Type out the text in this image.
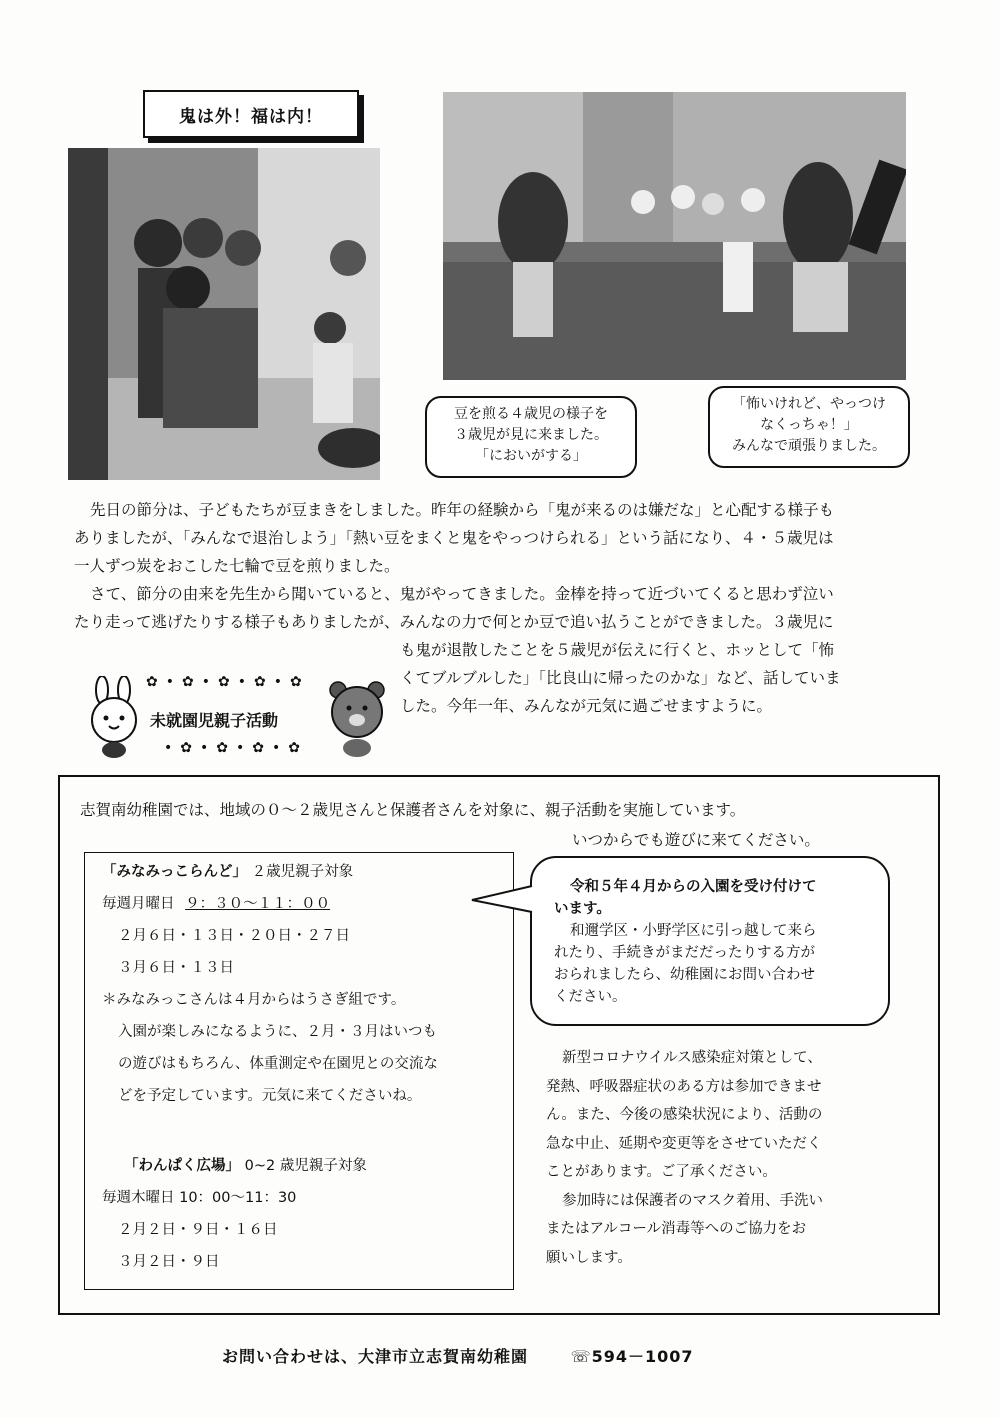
鬼は外！福は内！
豆を煎る４歳児の様子を
３歳児が見に来ました。
「においがする」
「怖いけれど、やっつけ
なくっちゃ！」
みんなで頑張りました。
先日の節分は、子どもたちが豆まきをしました。昨年の経験から「鬼が来るのは嫌だな」と心配する様子も
ありましたが、「みんなで退治しよう」「熱い豆をまくと鬼をやっつけられる」という話になり、４・５歳児は
一人ずつ炭をおこした七輪で豆を煎りました。
さて、節分の由来を先生から聞いていると、鬼がやってきました。金棒を持って近づいてくると思わず泣い
たり走って逃げたりする様子もありましたが、みんなの力で何とか豆で追い払うことができました。３歳児に
も鬼が退散したことを５歳児が伝えに行くと、ホッとして「怖
くてブルブルした」「比良山に帰ったのかな」など、話していま
した。今年一年、みんなが元気に過ごせますように。
✿•✿•✿•✿•✿
•✿•✿•✿•✿
未就園児親子活動
志賀南幼稚園では、地域の０～２歳児さんと保護者さんを対象に、親子活動を実施しています。
いつからでも遊びに来てください。
「みなみっこらんど」 ２歳児親子対象
毎週月曜日 ９：３０～１１：００
２月６日・１３日・２０日・２７日
３月６日・１３日
＊みなみっこさんは４月からはうさぎ組です。
入園が楽しみになるように、２月・３月はいつも
の遊びはもちろん、体重測定や在園児との交流な
どを予定しています。元気に来てくださいね。
「わんぱく広場」 0~2 歳児親子対象
毎週木曜日 10：00～11：30
２月２日・９日・１６日
３月２日・９日
令和５年４月からの入園を受け付けて
います。
和邇学区・小野学区に引っ越して来ら
れたり、手続きがまだだったりする方が
おられましたら、幼稚園にお問い合わせ
ください。
新型コロナウイルス感染症対策として、
発熱、呼吸器症状のある方は参加できませ
ん。また、今後の感染状況により、活動の
急な中止、延期や変更等をさせていただく
ことがあります。ご了承ください。
参加時には保護者のマスク着用、手洗い
またはアルコール消毒等へのご協力をお
願いします。
お問い合わせは、大津市立志賀南幼稚園	☏594－1007
